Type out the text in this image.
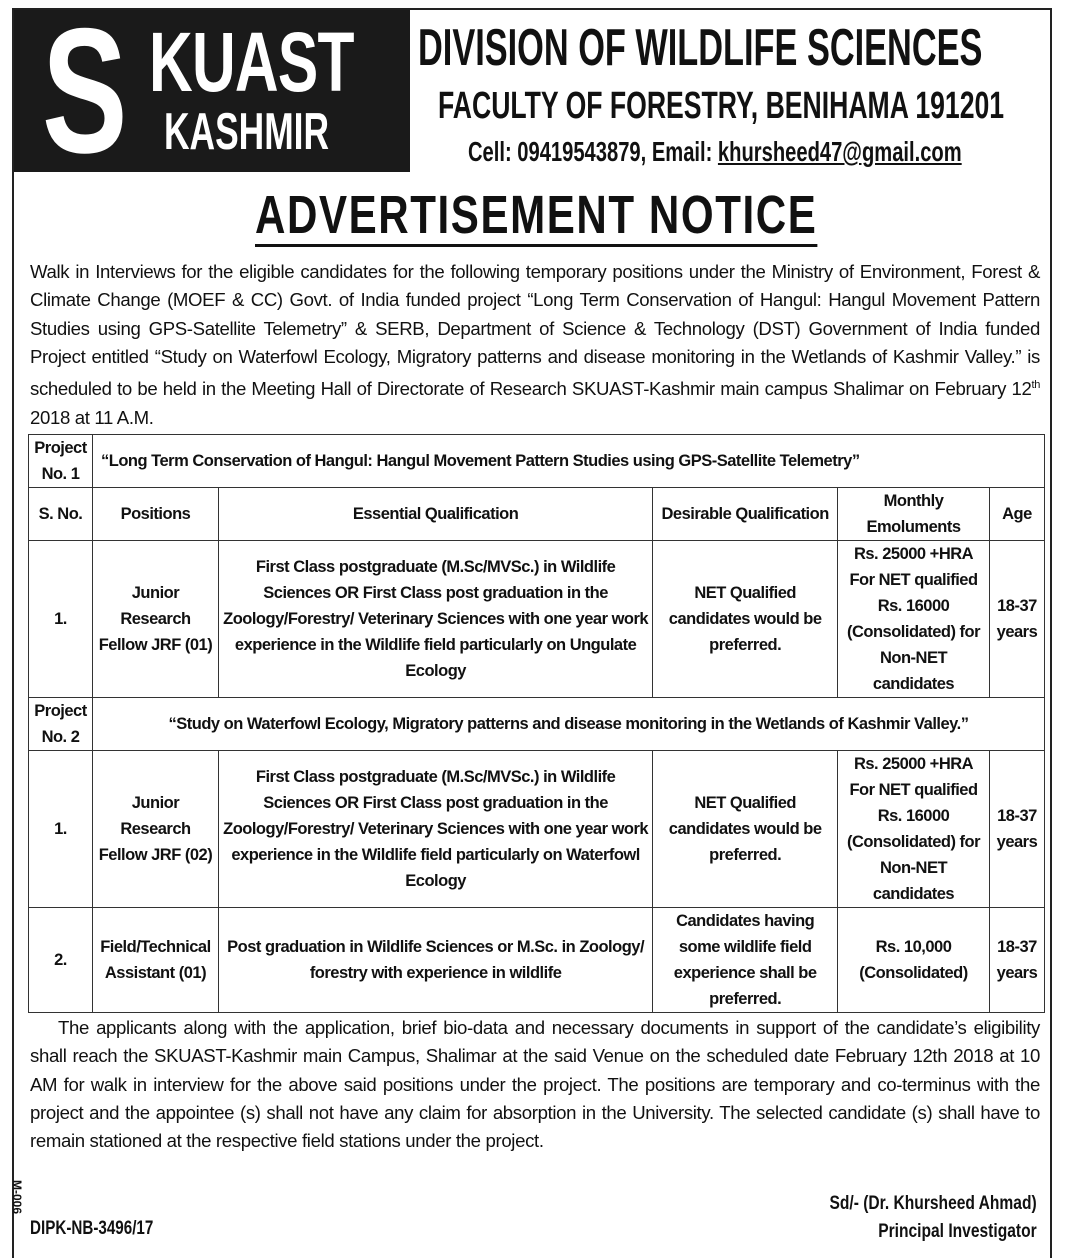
S KUAST
KASHMIR
DIVISION OF WILDLIFE SCIENCES
FACULTY OF FORESTRY, BENIHAMA 191201
Cell: 09419543879, Email: khursheed47@gmail.com
ADVERTISEMENT NOTICE

Walk in Interviews for the eligible candidates for the following temporary positions under the Ministry of Environment, Forest & Climate Change (MOEF & CC) Govt. of India funded project “Long Term Conservation of Hangul: Hangul Movement Pattern Studies using GPS-Satellite Telemetry” & SERB, Department of Science & Technology (DST) Government of India funded Project entitled “Study on Waterfowl Ecology, Migratory patterns and disease monitoring in the Wetlands of Kashmir Valley.” is scheduled to be held in the Meeting Hall of Directorate of Research SKUAST-Kashmir main campus Shalimar on February 12th 2018 at 11 A.M.

Project No. 1	“Long Term Conservation of Hangul: Hangul Movement Pattern Studies using GPS-Satellite Telemetry”				
S. No.	Positions	Essential Qualification	Desirable Qualification	Monthly Emoluments	Age
1.	Junior Research Fellow JRF (01)	First Class postgraduate (M.Sc/MVSc.) in Wildlife Sciences OR First Class post graduation in the Zoology/Forestry/ Veterinary Sciences with one year work experience in the Wildlife field particularly on Ungulate Ecology	NET Qualified candidates would be preferred.	Rs. 25000 +HRA For NET qualified Rs. 16000 (Consolidated) for Non-NET candidates	18-37 years
Project No. 2	“Study on Waterfowl Ecology, Migratory patterns and disease monitoring in the Wetlands of Kashmir Valley.”				
1.	Junior Research Fellow JRF (02)	First Class postgraduate (M.Sc/MVSc.) in Wildlife Sciences OR First Class post graduation in the Zoology/Forestry/ Veterinary Sciences with one year work experience in the Wildlife field particularly on Waterfowl Ecology	NET Qualified candidates would be preferred.	Rs. 25000 +HRA For NET qualified Rs. 16000 (Consolidated) for Non-NET candidates	18-37 years
2.	Field/Technical Assistant (01)	Post graduation in Wildlife Sciences or M.Sc. in Zoology/ forestry with experience in wildlife	Candidates having some wildlife field experience shall be preferred.	Rs. 10,000 (Consolidated)	18-37 years

The applicants along with the application, brief bio-data and necessary documents in support of the candidate’s eligibility shall reach the SKUAST-Kashmir main Campus, Shalimar at the said Venue on the scheduled date February 12th 2018 at 10 AM for walk in interview for the above said positions under the project. The positions are temporary and co-terminus with the project and the appointee (s) shall not have any claim for absorption in the University. The selected candidate (s) shall have to remain stationed at the respective field stations under the project.

M-006
DIPK-NB-3496/17
Sd/- (Dr. Khursheed Ahmad)
Principal Investigator
